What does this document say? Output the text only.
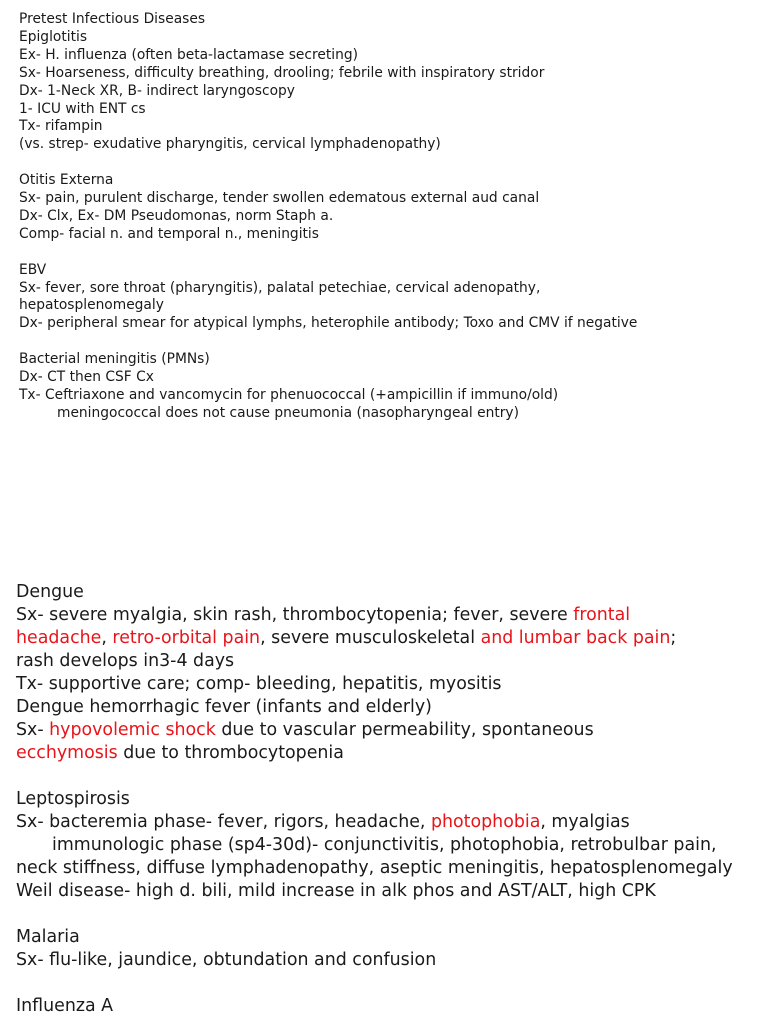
Pretest Infectious Diseases
Epiglotitis
Ex- H. influenza (often beta-lactamase secreting)
Sx- Hoarseness, difficulty breathing, drooling; febrile with inspiratory stridor
Dx- 1-Neck XR, B- indirect laryngoscopy
1- ICU with ENT cs
Tx- rifampin
(vs. strep- exudative pharyngitis, cervical lymphadenopathy)
Otitis Externa
Sx- pain, purulent discharge, tender swollen edematous external aud canal
Dx- Clx, Ex- DM Pseudomonas, norm Staph a.
Comp- facial n. and temporal n., meningitis
EBV
Sx- fever, sore throat (pharyngitis), palatal petechiae, cervical adenopathy, hepatosplenomegaly
Dx- peripheral smear for atypical lymphs, heterophile antibody; Toxo and CMV if negative
Bacterial meningitis (PMNs)
Dx- CT then CSF Cx
Tx- Ceftriaxone and vancomycin for phenuococcal (+ampicillin if immuno/old)
meningococcal does not cause pneumonia (nasopharyngeal entry)
Dengue
Sx- severe myalgia, skin rash, thrombocytopenia; fever, severe frontal headache, retro-orbital pain, severe musculoskeletal and lumbar back pain; rash develops in3-4 days
Tx- supportive care; comp- bleeding, hepatitis, myositis
Dengue hemorrhagic fever (infants and elderly)
Sx- hypovolemic shock due to vascular permeability, spontaneous ecchymosis due to thrombocytopenia
Leptospirosis
Sx- bacteremia phase- fever, rigors, headache, photophobia, myalgias
immunologic phase (sp4-30d)- conjunctivitis, photophobia, retrobulbar pain, neck stiffness, diffuse lymphadenopathy, aseptic meningitis, hepatosplenomegaly
Weil disease- high d. bili, mild increase in alk phos and AST/ALT, high CPK
Malaria
Sx- flu-like, jaundice, obtundation and confusion
Influenza A
